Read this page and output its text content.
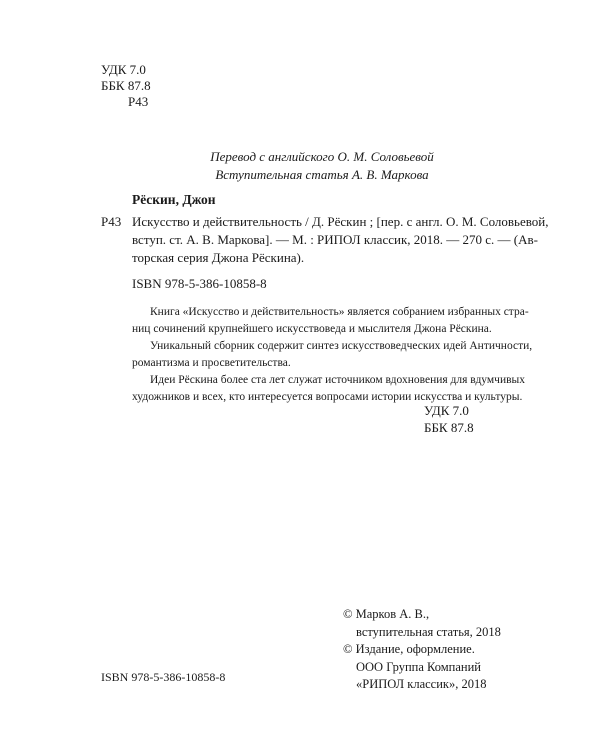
УДК 7.0
ББК 87.8
Р43
Перевод с английского О. М. Соловьевой
Вступительная статья А. В. Маркова
Рёскин, Джон
Р43 Искусство и действительность / Д. Рёскин ; [пер. с англ. О. М. Соловьевой,
вступ. ст. А. В. Маркова]. — М. : РИПОЛ классик, 2018. — 270 с. — (Ав-
торская серия Джона Рёскина).
ISBN 978-5-386-10858-8

Книга «Искусство и действительность» является собранием избранных стра-

ниц сочинений крупнейшего искусствоведа и мыслителя Джона Рёскина.

Уникальный сборник содержит синтез искусствоведческих идей Античности,

романтизма и просветительства.

Идеи Рёскина более ста лет служат источником вдохновения для вдумчивых

художников и всех, кто интересуется вопросами истории искусства и культуры.

УДК 7.0
ББК 87.8
© Марков А. В.,
вступительная статья, 2018
© Издание, оформление.
ООО Группа Компаний
«РИПОЛ классик», 2018
ISBN 978-5-386-10858-8
